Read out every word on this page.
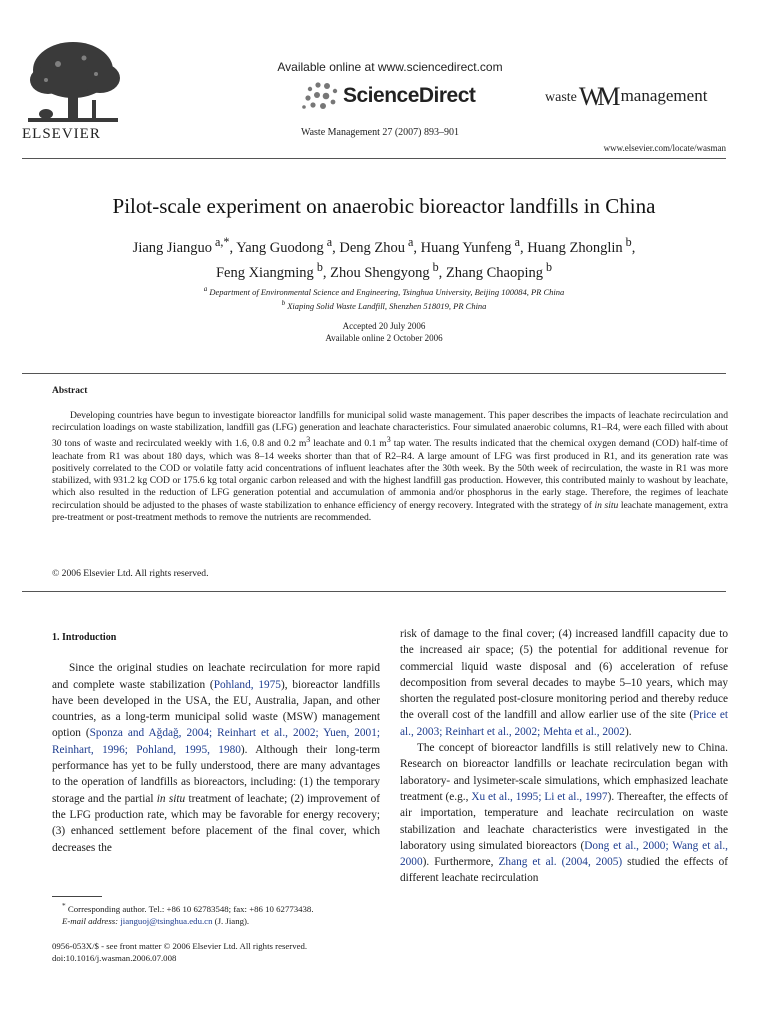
ELSEVIER
Available online at www.sciencedirect.com
ScienceDirect
Waste Management 27 (2007) 893–901
wasteWM management
www.elsevier.com/locate/wasman
Pilot-scale experiment on anaerobic bioreactor landfills in China
Jiang Jianguo $^{a,*}$, Yang Guodong $^a$, Deng Zhou $^a$, Huang Yunfeng $^a$, Huang Zhonglin $^b$,
Feng Xiangming $^b$, Zhou Shengyong $^b$, Zhang Chaoping $^b$
$^a$ Department of Environmental Science and Engineering, Tsinghua University, Beijing 100084, PR China
$^b$ Xiaping Solid Waste Landfill, Shenzhen 518019, PR China
Accepted 20 July 2006
Available online 2 October 2006
Abstract
Developing countries have begun to investigate bioreactor landfills for municipal solid waste management. This paper describes the impacts of leachate recirculation and recirculation loadings on waste stabilization, landfill gas (LFG) generation and leachate characteristics. Four simulated anaerobic columns, R1–R4, were each filled with about 30 tons of waste and recirculated weekly with 1.6, 0.8 and 0.2 $m^3$ leachate and 0.1 $m^3$ tap water. The results indicated that the chemical oxygen demand (COD) half-time of leachate from R1 was about 180 days, which was 8–14 weeks shorter than that of R2–R4. A large amount of LFG was first produced in R1, and its generation rate was positively correlated to the COD or volatile fatty acid concentrations of influent leachates after the 30th week. By the 50th week of recirculation, the waste in R1 was more stabilized, with 931.2 kg COD or 175.6 kg total organic carbon released and with the highest landfill gas production. However, this contributed mainly to washout by leachate, which also resulted in the reduction of LFG generation potential and accumulation of ammonia and/or phosphorus in the early stage. Therefore, the regimes of leachate recirculation should be adjusted to the phases of waste stabilization to enhance efficiency of energy recovery. Integrated with the strategy of in situ leachate management, extra pre-treatment or post-treatment methods to remove the nutrients are recommended.
© 2006 Elsevier Ltd. All rights reserved.
1. Introduction

Since the original studies on leachate recirculation for more rapid and complete waste stabilization (Pohland, 1975), bioreactor landfills have been developed in the USA, the EU, Australia, Japan, and other countries, as a long-term municipal solid waste (MSW) management option (Sponza and Ağdağ, 2004; Reinhart et al., 2002; Yuen, 2001; Reinhart, 1996; Pohland, 1995, 1980). Although their long-term performance has yet to be fully understood, there are many advantages to the operation of landfills as bioreactors, including: (1) the temporary storage and the partial in situ treatment of leachate; (2) improvement of the LFG production rate, which may be favorable for energy recovery; (3) enhanced settlement before placement of the final cover, which decreases the

risk of damage to the final cover; (4) increased landfill capacity due to the increased air space; (5) the potential for additional revenue for commercial liquid waste disposal and (6) acceleration of refuse decomposition from several decades to maybe 5–10 years, which may shorten the regulated post-closure monitoring period and thereby reduce the overall cost of the landfill and allow earlier use of the site (Price et al., 2003; Reinhart et al., 2002; Mehta et al., 2002).

The concept of bioreactor landfills is still relatively new to China. Research on bioreactor landfills or leachate recirculation began with laboratory- and lysimeter-scale simulations, which emphasized leachate treatment (e.g., Xu et al., 1995; Li et al., 1997). Thereafter, the effects of air importation, temperature and leachate recirculation on waste stabilization and leachate characteristics were investigated in the laboratory using simulated bioreactors (Dong et al., 2000; Wang et al., 2000). Furthermore, Zhang et al. (2004, 2005) studied the effects of different leachate recirculation

* Corresponding author. Tel.: +86 10 62783548; fax: +86 10 62773438.
E-mail address: jianguoj@tsinghua.edu.cn (J. Jiang).
0956-053X/$ - see front matter © 2006 Elsevier Ltd. All rights reserved.
doi:10.1016/j.wasman.2006.07.008
